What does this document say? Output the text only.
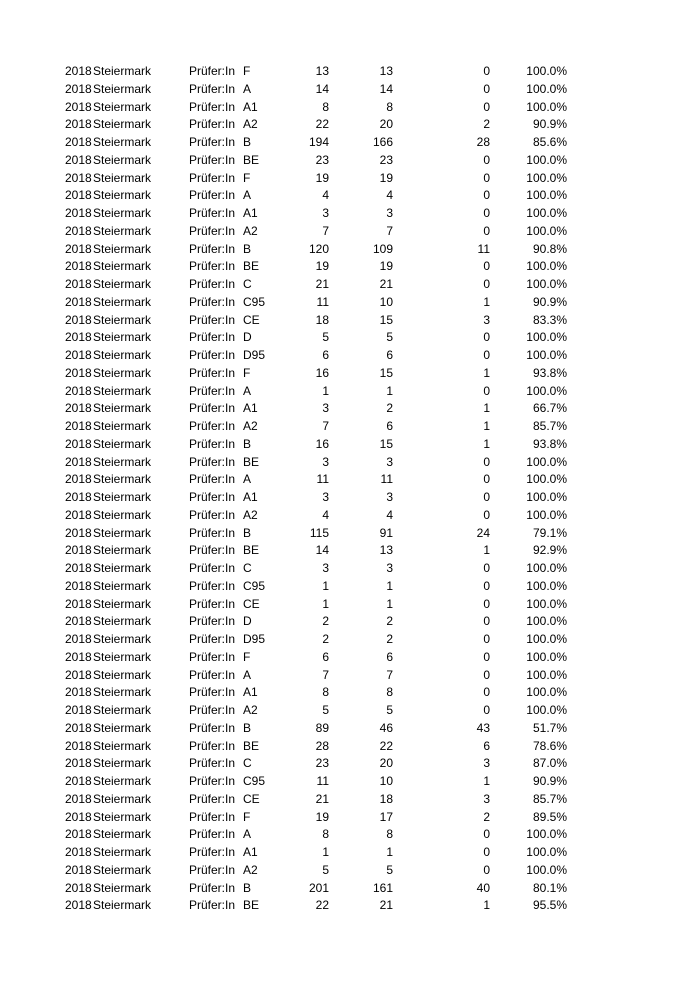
2018 Steiermark	Prüfer:In F	13	13	0	100.0%
2018 Steiermark	Prüfer:In A	14	14	0	100.0%
2018 Steiermark	Prüfer:In A1	8	8	0	100.0%
2018 Steiermark	Prüfer:In A2	22	20	2	90.9%
2018 Steiermark	Prüfer:In B	194	166	28	85.6%
2018 Steiermark	Prüfer:In BE	23	23	0	100.0%
2018 Steiermark	Prüfer:In F	19	19	0	100.0%
2018 Steiermark	Prüfer:In A	4	4	0	100.0%
2018 Steiermark	Prüfer:In A1	3	3	0	100.0%
2018 Steiermark	Prüfer:In A2	7	7	0	100.0%
2018 Steiermark	Prüfer:In B	120	109	11	90.8%
2018 Steiermark	Prüfer:In BE	19	19	0	100.0%
2018 Steiermark	Prüfer:In C	21	21	0	100.0%
2018 Steiermark	Prüfer:In C95	11	10	1	90.9%
2018 Steiermark	Prüfer:In CE	18	15	3	83.3%
2018 Steiermark	Prüfer:In D	5	5	0	100.0%
2018 Steiermark	Prüfer:In D95	6	6	0	100.0%
2018 Steiermark	Prüfer:In F	16	15	1	93.8%
2018 Steiermark	Prüfer:In A	1	1	0	100.0%
2018 Steiermark	Prüfer:In A1	3	2	1	66.7%
2018 Steiermark	Prüfer:In A2	7	6	1	85.7%
2018 Steiermark	Prüfer:In B	16	15	1	93.8%
2018 Steiermark	Prüfer:In BE	3	3	0	100.0%
2018 Steiermark	Prüfer:In A	11	11	0	100.0%
2018 Steiermark	Prüfer:In A1	3	3	0	100.0%
2018 Steiermark	Prüfer:In A2	4	4	0	100.0%
2018 Steiermark	Prüfer:In B	115	91	24	79.1%
2018 Steiermark	Prüfer:In BE	14	13	1	92.9%
2018 Steiermark	Prüfer:In C	3	3	0	100.0%
2018 Steiermark	Prüfer:In C95	1	1	0	100.0%
2018 Steiermark	Prüfer:In CE	1	1	0	100.0%
2018 Steiermark	Prüfer:In D	2	2	0	100.0%
2018 Steiermark	Prüfer:In D95	2	2	0	100.0%
2018 Steiermark	Prüfer:In F	6	6	0	100.0%
2018 Steiermark	Prüfer:In A	7	7	0	100.0%
2018 Steiermark	Prüfer:In A1	8	8	0	100.0%
2018 Steiermark	Prüfer:In A2	5	5	0	100.0%
2018 Steiermark	Prüfer:In B	89	46	43	51.7%
2018 Steiermark	Prüfer:In BE	28	22	6	78.6%
2018 Steiermark	Prüfer:In C	23	20	3	87.0%
2018 Steiermark	Prüfer:In C95	11	10	1	90.9%
2018 Steiermark	Prüfer:In CE	21	18	3	85.7%
2018 Steiermark	Prüfer:In F	19	17	2	89.5%
2018 Steiermark	Prüfer:In A	8	8	0	100.0%
2018 Steiermark	Prüfer:In A1	1	1	0	100.0%
2018 Steiermark	Prüfer:In A2	5	5	0	100.0%
2018 Steiermark	Prüfer:In B	201	161	40	80.1%
2018 Steiermark	Prüfer:In BE	22	21	1	95.5%
